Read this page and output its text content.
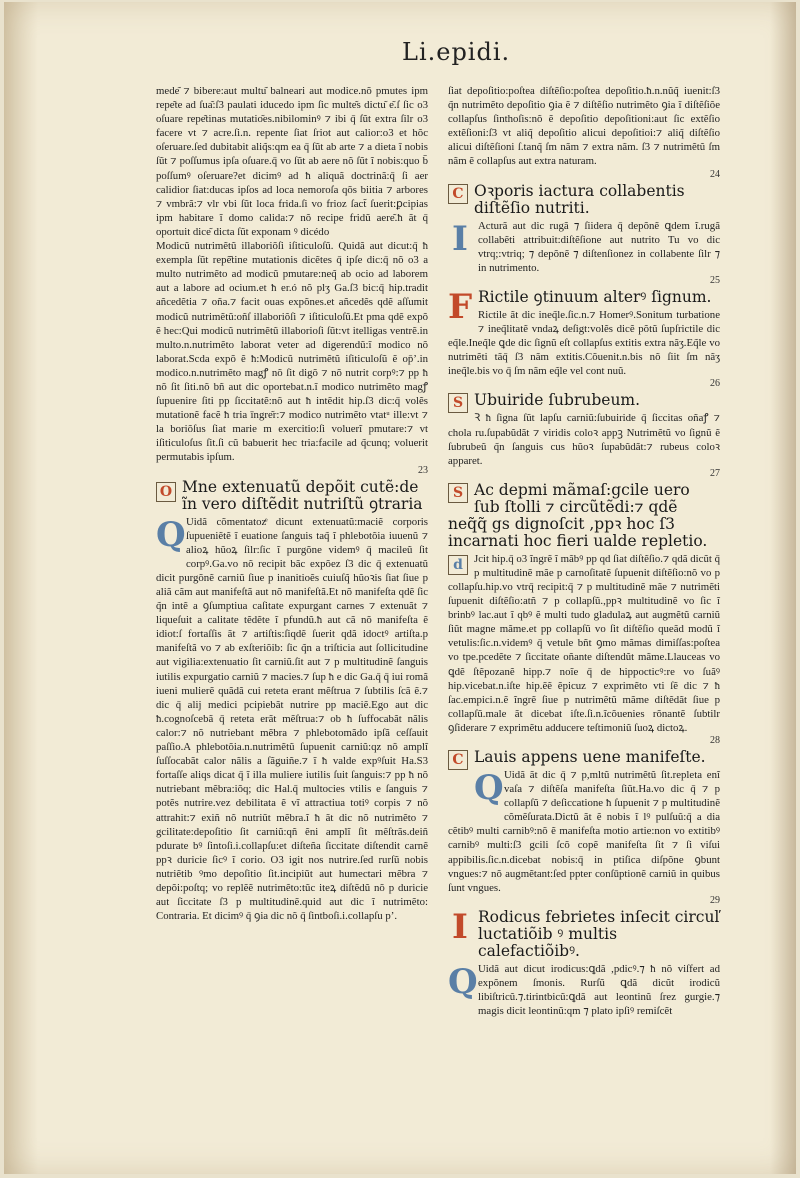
Li.epidi.

mede͂ ⁊ bibere:aut multu͂ balneari aut modice.nõ pmutes ipm repe͂te ad ſua͂:ſ3 paulati iducedo ipm ſic multe͂s dictu͂ e͂.ſ ſic o3 oſuare repe͂tinas mutatio͂es.nibilominꝰ ⁊ ibi q̄ ſũt extra ſilr o3 facere vt ⁊ acre.ſi.n. repente ſiat ſriot aut calior:o3 et hõc oſeruare.ſed dubitabit aliq̃s:qm ea q̄ ſũt ab arte ⁊ a dieta ĩ nobis ſũt ⁊ poſſumus ipſa oſuare.q̄ vo ſũt ab aere nõ ſũt ĩ nobis:quo b̄ poſſumꝰ oſeruare?et dicimꝰ ad ħ aliquã doctrinã:q̄ ſi aer calidior ſiat:ducas ipſos ad loca nemoroſa qõs biitia ⁊ arbores ⁊ vmbrã:⁊ vlr vbi ſũt loca frida.ſi vo frioz ſact̃ ſuerit:ꝑcipias ipm habitare ĩ domo calida:⁊ nõ recipe fridũ aere͂.ħ ãt q̄ oportuit dice͂ dicta ſũt exponam ꝰ dicédo

Modicũ nutrimẽtũ illaboriõſi iſiticuloſũ. Quidã aut dicut:q̄ ħ exempla ſũt repẽ͂tine mutationis dicẽtes q̄ ipſe dic:q̄ nõ o3 a multo nutrimẽto ad modicũ pmutare:neq̃ ab ocio ad laborem aut a labore ad ocium.et ħ er.ó nõ plʒ Ga.ſ3 bic:q̄ hip.tradit añcedẽtia ⁊ oña.⁊ facit ouas expõnes.et añcedẽs qdẽ aſſumit modicũ nutrimẽtũ:oñſ illaboriõſi ⁊ iſiticuloſũ.Et pma qdẽ expõ ẽ hec:Qui modicũ nutrimẽtũ illaborioſi ſũt:vt itelligas ventrẽ.in multo.n.nutrimẽto laborat veter ad digerendũ:ĩ modico nõ laborat.Scda expõ ẽ ħ:Modicũ nutrimẽtũ iſiticuloſũ ẽ op̄ʼ.in modico.n.nutrimẽto magꝭ nõ ſit digõ ⁊ nõ nutrit corpꝰ:⁊ pp ħ nõ ſit ſiti.nõ bñ aut dic oportebat.n.ĩ modico nutrimẽto magꝭ ſupuenire ſiti pp ſiccitatẽ:nõ aut ħ intẽdit hip.ſ3 dic:q̄ volẽs mutationẽ facẽ ħ tria īngre͂r:⁊ modico nutrimẽto vtatᵘ ille:vt ⁊ la boriõſus ſiat marie m exercitio:ſi voluerĩ pmutare:⁊ vt iſiticuloſus ſit.ſi cũ babuerit hec tria:facile ad q̃cunq; voluerit permutabis ipſum.

23
O Mne extenuatũ depõit cutẽ:de ĩn vero diſtẽdit nutriſtũ ꝯtraria

Q Uidã cõmentatozͤ dicunt extenuatũ:maciẽ corporis ſupueniẽtẽ ĩ euatione ſanguis taq̃ ĩ phlebotõia iuuenũ ⁊ alioꝝ hũoꝝ ſilr:ſic ĩ purgõne videmꝰ q̄ macileũ ſit corpꝰ.Ga.vo nõ recipit bãc expõez ſ3 dic q̄ extenuatũ dicit purgõnẽ carniũ ſiue p inanitioẽs cuiuſq̃ hũoꝛis ſiat ſiue p aliã cãm aut manifeſtã aut nõ manifeſtã.Et nõ manifeſta qdẽ ſic q̃n intẽ a ꝯſumptiua caſitate expurgant carnes ⁊ extenuãt ⁊ liqueſuit a calitate tẽdẽte ĩ pfundũ.ħ aut cã nõ manifeſta ẽ idiot:ſ fortaſſis ãt ⁊ artiſtis:ſiqdẽ ſuerit qdã idoctꝰ artiſta.p manifeſtã vo ⁊ ab exſteriõib: ſic q̃n a triſticia aut ſollicitudine aut vigilia:extenuatio ſit carniũ.ſit aut ⁊ p multitudinẽ ſanguis iutilis expurgatio carniũ ⁊ macies.⁊ ſup ħ e dic Ga.q̄ q̄ iui romã iueni mulierẽ quãdã cui reteta erant mẽſtrua ⁊ ſubtilis ſcã ẽ.⁊ dic q̄ alij medici pcipiebãt nutrire pp maciẽ.Ego aut dic ħ.cognoſcebã q̄ reteta erãt mẽſtrua:⁊ ob ħ ſuffocabãt nãlis calor:⁊ nõ nutriebant mẽbra ⁊ phlebotomãdo ipſã ceſſauit paſſio.A phlebotõia.n.nutrimẽtũ ſupuenit carniũ:qz nõ amplĩ ſuſſocabãt calor nãlis a ſãguiñe.⁊ ĩ ħ valde expꝰſuit Ha.S3 fortaſſe aliqs dicat q̄ ĩ illa muliere iutilis ſuit ſanguis:⁊ pp ħ nõ nutriebant mẽbra:iõq; dic Hal.q̄ multocies vtilis e ſanguis ⁊ potẽs nutrire.vez debilitata ẽ vĩ attractiua totiꝰ corpis ⁊ nõ attrahit:⁊ exiñ nõ nutriũt mẽbra.ĩ ħ ãt dic nõ nutrimẽto ⁊ gcilitate:depoſitio ſit carniũ:qñ ẽni amplĩ ſit mẽſtrãs.deiñ pdurate bꝰ ſintoſi.i.collapſu:et diſteña ſiccitate diſtendit carnẽ ppꝛ duricie ſicꝰ ĩ corio. O3 igit nos nutrire.ſed rurſũ nobis nutriẽtib ꝰmo depoſitio ſit.incipiũt aut humectari mẽbra ⁊ depõi:poſtq; vo replẽẽ nutrimẽto:tũc iteꝝ diſtẽdũ nõ p duricie aut ſiccitate ſ3 p multitudinẽ.quid aut dic ĩ nutrimẽto: Contraria. Et dicimꝰ q̄ ꝯia dic nõ q̄ ſintboſi.i.collapſu pʼ.

ſiat depoſitio:poſtea diſtẽſio:poſtea depoſitio.ħ.n.nũq̃ iuenit:ſ3 q̃n nutrimẽto depoſitio ꝯia ẽ ⁊ diſtẽſio nutrimẽto ꝯia ĩ diſtẽſiõe collapſus ſinthoſis:nõ ẽ depoſitio depoſitioni:aut ſic extẽſio extẽſioni:ſ3 vt aliq̃ depoſitio alicui depoſitioi:⁊ aliq̃ diſtẽſio alicui diſtẽſioni ſ.tanq̃ ſm nãm ⁊ extra nãm. ſ3 ⁊ nutrimẽtũ ſm nãm ẽ collapſus aut extra naturam.

24
C Oꝛporis iactura collabentis diſtẽſio nutriti.

I Acturã aut dic rugã ⁊ ſiidera q̄ depõnẽ ꝗdem ĩ.rugã collabẽti attribuit:diſtẽſione aut nutrito Tu vo dic vtrq;:vtriq; ⁊ depõnẽ ⁊ diſtenſionez in collabente ſilr ⁊ in nutrimento.

25
F Rictile ꝯtinuum alterꝰ ſignum.

Rictile ãt dic ineq̃le.ſic.n.⁊ Homerꝰ.Sonitum turbatione ⁊ ineq̃litatẽ vndaꝝ deſigt:volẽs dicẽ põtũ ſupſrictile dic eq̃le.Ineq̃le ꝗde dic ſignũ eſt collapſus extitis extra nãʒ.Eq̃le vo nutrimẽti tãq̄ ſ3 nãm extitis.Cõuenit.n.bis nõ ſiit ſm nãʒ ineq̃le.bis vo q̄ ſm nãm eq̃le vel cont nuũ.

26
S Ubuiride ſubrubeum.

Ꝛ ħ ſigna ſũt lapſu carniũ:ſubuiride q̄ ſiccitas oñaꝭ ⁊ chola ru.ſupabũdãt ⁊ viridis coloꝛ appꝫ Nutrimẽtũ vo ſignũ ẽ ſubrubeũ q̃n ſanguis cus hũoꝛ ſupabũdãt:⁊ rubeus coloꝛ apparet.

27
S Ac depmi mãmaſ:gcile uero ſub ſtolli ⁊ circũtẽdi:⁊ qdẽ neq̃q̃ gs dignoſcit ,ppꝛ hoc ſ3 incarnati hoc fieri ualde repletio.

d	Jcit hip.q̄ o3 ĩngrẽ ĩ mãbꝰ pp qd ſiat diſtẽſio.⁊ qdã dicũt q̄ p multitudinẽ mãe p carnoſitatẽ ſupuenit diſtẽſio:nõ vo p collapſu.hip.vo vtrq̄ recipit:q̄ ⁊ p multitudinẽ mãe ⁊ nutrimẽti ſupuenit diſtẽſio:atñ ⁊ p collapſũ.,ppꝛ multitudinẽ vo ſic ĩ brinbꝰ lac.aut ĩ qbꝰ ẽ multi tudo gladulaꝝ aut augmẽtũ carniũ ſiũt magne mãme.et pp collapſũ vo ſit diſtẽſio queãd modũ ĩ vetulis:ſic.n.videmꝰ q̄ vetule bñt ꝯmo mãmas dimiſſas:poſtea vo tpe.pcedẽte ⁊ ſiccitate oñante diſtendũt mãme.Llauceas vo ꝗdẽ ſtẽpozanẽ hipp.⁊ noĩe q̄ de hippocticꝰ:re vo ſuãꝰ hip.vicebat.n.iſte hip.ẽẽ ẽpicuz ⁊ exprimẽto vti ſẽ dic ⁊ ħ ſac.empici.n.ẽ ĩngrẽ ſiue p nutrimẽtũ mãme diſtẽdãt ſiue p collapſũ.male ãt dicebat iſte.ſi.n.ĩcõuenies rõnantẽ ſubtilr ꝯſiderare ⁊ exprimẽtu adducere teſtimoniũ ſuoꝝ dictoꝝ.

28
C Lauis appens uene manifeſte.

Q Uidã ãt dic q̄ ⁊ p,mltũ nutrimẽtũ ſit.repleta enĩ vaſa ⁊ diſtẽſa manifeſta ſiũt.Ha.vo dic q̄ ⁊ p collapſũ ⁊ deſiccatione ħ ſupuenit ⁊ p multitudinẽ cõmẽſurata.Dictũ ãt ẽ nobis ĩ lꝰ pulſuũ:q̄ a dia cẽtibꝰ multi carnibꝰ:nõ ẽ manifeſta motio artie:non vo extitibꝰ carnibꝰ multi:ſ3 gcili ſcõ copẽ manifeſta ſit ⁊ ſi viſui appibilis.ſic.n.dicebat nobis:q̄ in ptiſica diſpõne ꝯbunt vngues:⁊ nõ augmẽtant:ſed ppter conſūptionẽ carniũ in quibus ſunt vngues.

29
I Rodicus febrietes inſecit circuľ luctatiõib ꝰ multis calefactiõibꝰ.

Q Uidã aut dicut irodicus:ꝗdã ,pdicꝰ.⁊ ħ nõ viſfert ad expõnem ſmonis. Rurſũ ꝗdã dicũt irodicũ libiſtricũ.⁊.tirintbicũ:ꝗdã aut leontinũ ſrez gurgie.⁊ magis dicit leontinũ:qm ⁊ plato ipſiꝰ remiſcẽt
